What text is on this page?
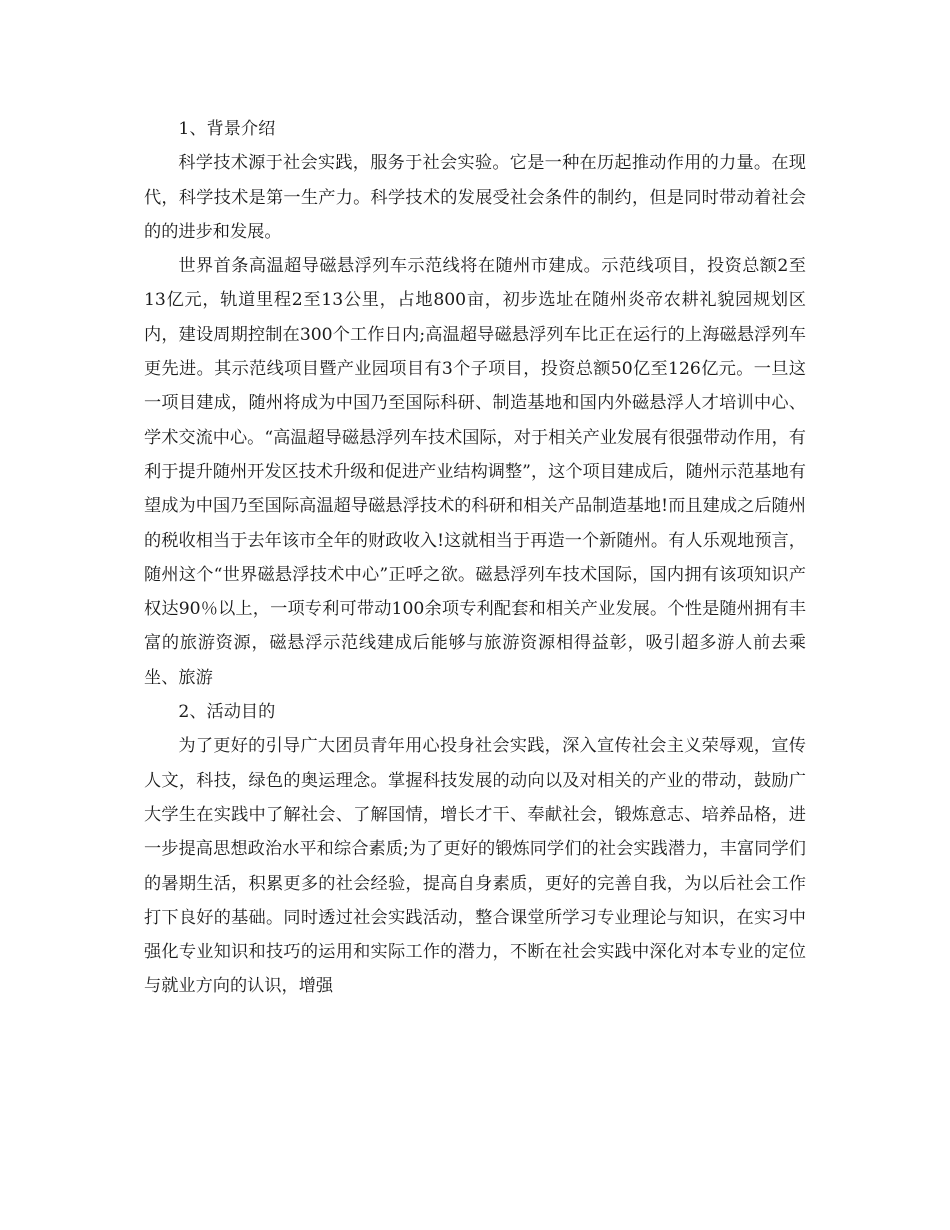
1、背景介绍

科学技术源于社会实践，服务于社会实验。它是一种在历起推动作用的力量。在现代，科学技术是第一生产力。科学技术的发展受社会条件的制约，但是同时带动着社会的的进步和发展。

世界首条高温超导磁悬浮列车示范线将在随州市建成。示范线项目，投资总额2至13亿元，轨道里程2至13公里，占地800亩，初步选址在随州炎帝农耕礼貌园规划区内，建设周期控制在300个工作日内;高温超导磁悬浮列车比正在运行的上海磁悬浮列车更先进。其示范线项目暨产业园项目有3个子项目，投资总额50亿至126亿元。一旦这一项目建成，随州将成为中国乃至国际科研、制造基地和国内外磁悬浮人才培训中心、学术交流中心。“高温超导磁悬浮列车技术国际，对于相关产业发展有很强带动作用，有利于提升随州开发区技术升级和促进产业结构调整”，这个项目建成后，随州示范基地有望成为中国乃至国际高温超导磁悬浮技术的科研和相关产品制造基地!而且建成之后随州的税收相当于去年该市全年的财政收入!这就相当于再造一个新随州。有人乐观地预言，随州这个“世界磁悬浮技术中心”正呼之欲。磁悬浮列车技术国际，国内拥有该项知识产权达90％以上，一项专利可带动100余项专利配套和相关产业发展。个性是随州拥有丰富的旅游资源，磁悬浮示范线建成后能够与旅游资源相得益彰，吸引超多游人前去乘坐、旅游

2、活动目的

为了更好的引导广大团员青年用心投身社会实践，深入宣传社会主义荣辱观，宣传人文，科技，绿色的奥运理念。掌握科技发展的动向以及对相关的产业的带动，鼓励广大学生在实践中了解社会、了解国情，增长才干、奉献社会，锻炼意志、培养品格，进一步提高思想政治水平和综合素质;为了更好的锻炼同学们的社会实践潜力，丰富同学们的暑期生活，积累更多的社会经验，提高自身素质，更好的完善自我，为以后社会工作打下良好的基础。同时透过社会实践活动，整合课堂所学习专业理论与知识，在实习中强化专业知识和技巧的运用和实际工作的潜力，不断在社会实践中深化对本专业的定位与就业方向的认识，增强
